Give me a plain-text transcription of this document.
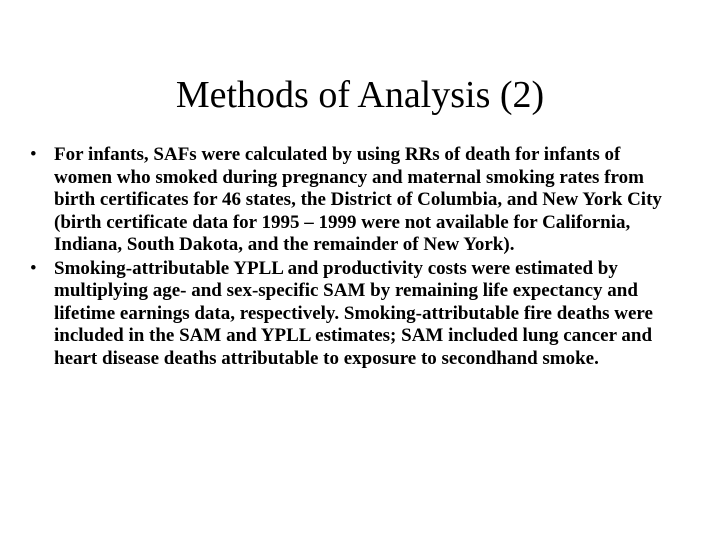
Methods of Analysis (2)
• For infants, SAFs were calculated by using RRs of death for infants of women who smoked during pregnancy and maternal smoking rates from birth certificates for 46 states, the District of Columbia, and New York City (birth certificate data for 1995 – 1999 were not available for California, Indiana, South Dakota, and the remainder of New York).
• Smoking-attributable YPLL and productivity costs were estimated by multiplying age- and sex-specific SAM by remaining life expectancy and lifetime earnings data, respectively. Smoking-attributable fire deaths were included in the SAM and YPLL estimates; SAM included lung cancer and heart disease deaths attributable to exposure to secondhand smoke.
